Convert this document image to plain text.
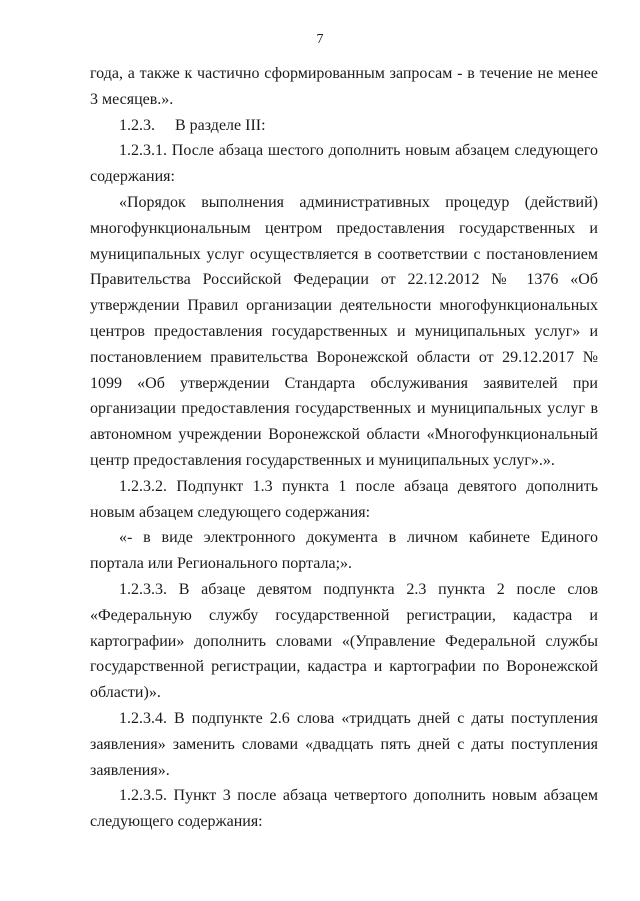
7

года, а также к частично сформированным запросам - в течение не менее 3 месяцев.».

1.2.3. В разделе III:

1.2.3.1. После абзаца шестого дополнить новым абзацем следующего содержания:

«Порядок выполнения административных процедур (действий) многофункциональным центром предоставления государственных и муниципальных услуг осуществляется в соответствии с постановлением Правительства Российской Федерации от 22.12.2012 № 1376 «Об утверждении Правил организации деятельности многофункциональных центров предоставления государственных и муниципальных услуг» и постановлением правительства Воронежской области от 29.12.2017 № 1099 «Об утверждении Стандарта обслуживания заявителей при организации предоставления государственных и муниципальных услуг в автономном учреждении Воронежской области «Многофункциональный центр предоставления государственных и муниципальных услуг».».

1.2.3.2. Подпункт 1.3 пункта 1 после абзаца девятого дополнить новым абзацем следующего содержания:

«- в виде электронного документа в личном кабинете Единого портала или Регионального портала;».

1.2.3.3. В абзаце девятом подпункта 2.3 пункта 2 после слов «Федеральную службу государственной регистрации, кадастра и картографии» дополнить словами «(Управление Федеральной службы государственной регистрации, кадастра и картографии по Воронежской области)».

1.2.3.4. В подпункте 2.6 слова «тридцать дней с даты поступления заявления» заменить словами «двадцать пять дней с даты поступления заявления».

1.2.3.5. Пункт 3 после абзаца четвертого дополнить новым абзацем следующего содержания:
